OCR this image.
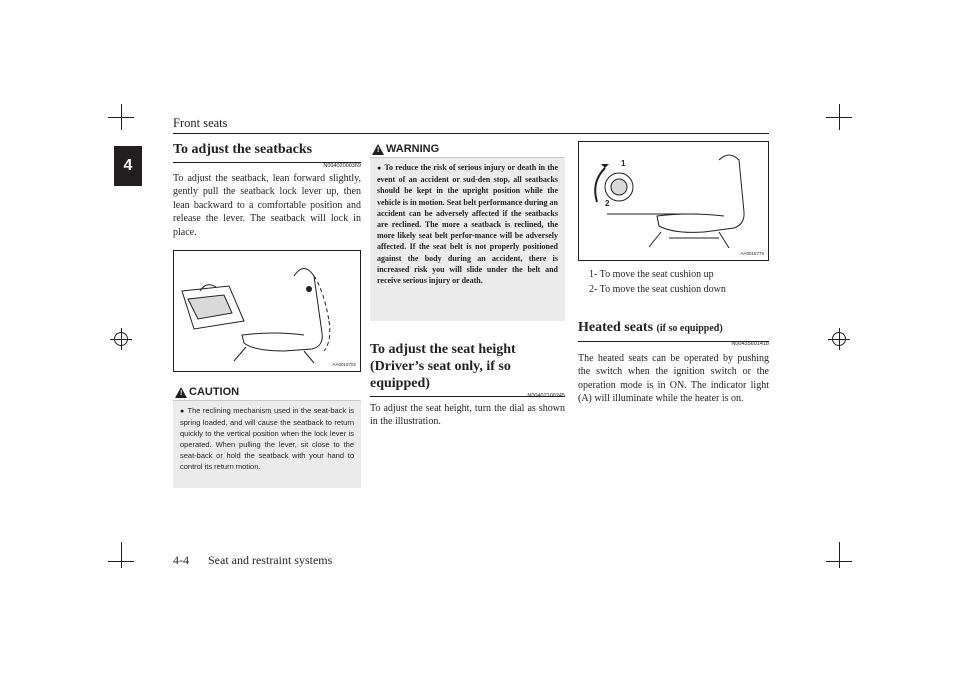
Front seats
4
To adjust the seatbacks
N00402000369
To adjust the seatback, lean forward slightly, gently pull the seatback lock lever up, then lean backward to a comfortable position and release the lever. The seatback will lock in place.
AA0015702
! CAUTION
● The reclining mechanism used in the seat-back is spring loaded, and will cause the seatback to return quickly to the vertical position when the lock lever is operated. When pulling the lever, sit close to the seat-back or hold the seatback with your hand to control its return motion.
! WARNING
● To reduce the risk of serious injury or death in the event of an accident or sud-den stop, all seatbacks should be kept in the upright position while the vehicle is in motion. Seat belt performance during an accident can be adversely affected if the seatbacks are reclined. The more a seatback is reclined, the more likely seat belt perfor-mance will be adversely affected. If the seat belt is not properly positioned against the body during an accident, there is increased risk you will slide under the belt and receive serious injury or death.
To adjust the seat height (Driver’s seat only, if so equipped)
N00402100245
To adjust the seat height, turn the dial as shown in the illustration.
1
2
AA0015775
1- To move the seat cushion up
2- To move the seat cushion down
Heated seats (if so equipped)
N00435601418
The heated seats can be operated by pushing the switch when the ignition switch or the operation mode is in ON. The indicator light (A) will illuminate while the heater is on.
4-4 Seat and restraint systems
